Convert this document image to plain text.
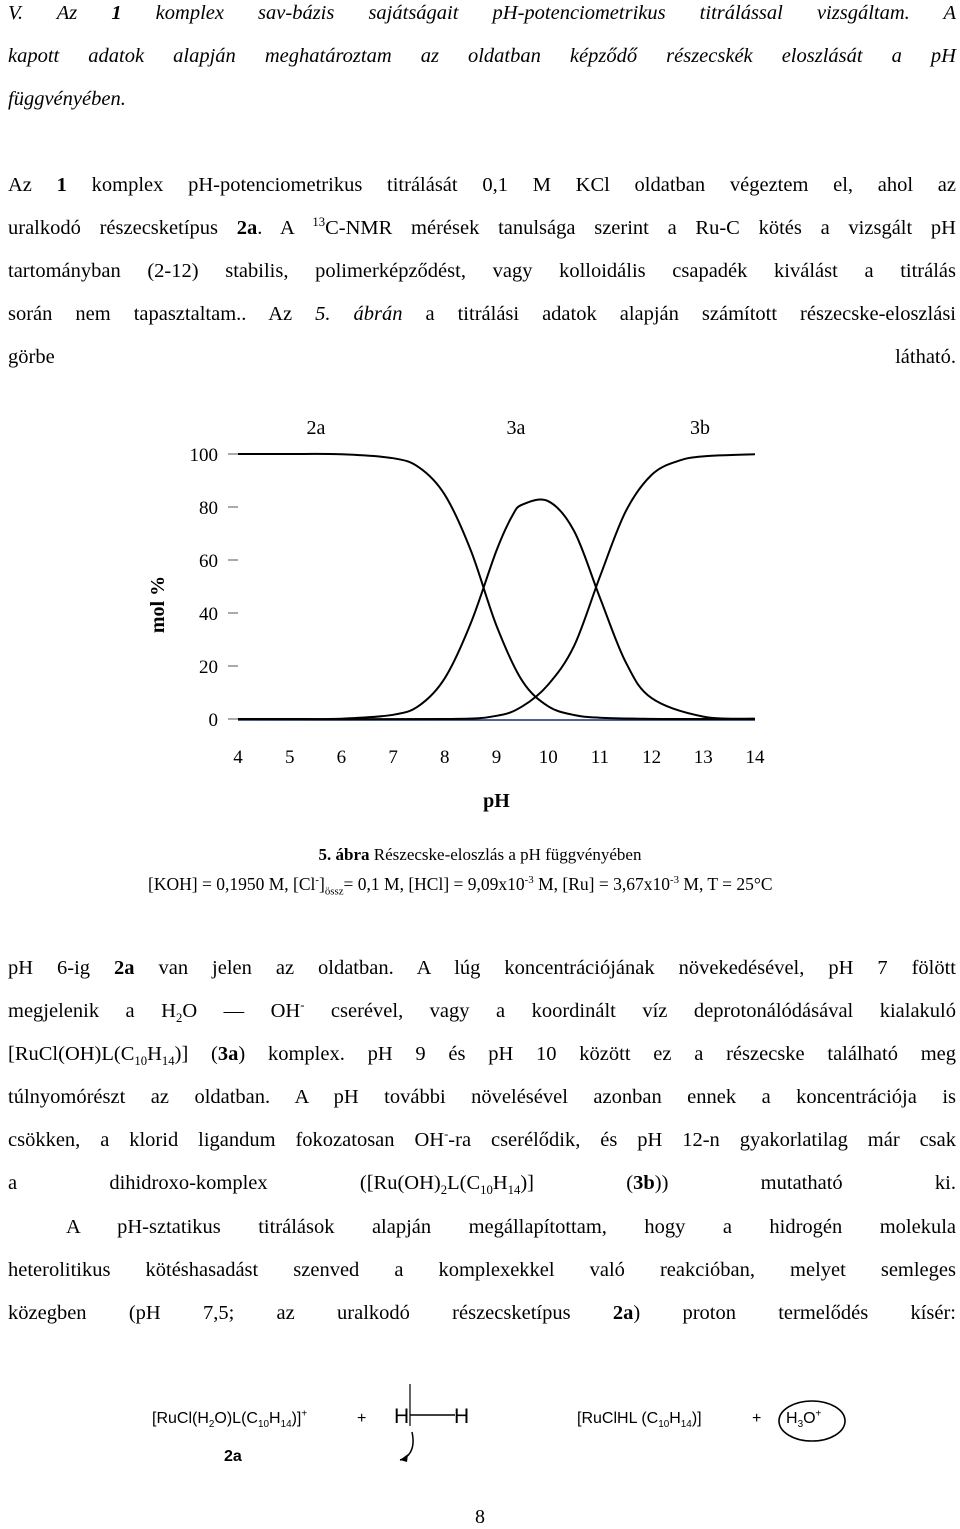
V. Az 1 komplex sav-bázis sajátságait pH-potenciometrikus titrálással vizsgáltam. A
kapott adatok alapján meghatároztam az oldatban képződő részecskék eloszlását a pH
függvényében.
Az 1 komplex pH-potenciometrikus titrálását 0,1 M KCl oldatban végeztem el, ahol az
uralkodó részecsketípus 2a. A $^{13}$C-NMR mérések tanulsága szerint a Ru-C kötés a vizsgált pH
tartományban (2-12) stabilis, polimerképződést, vagy kolloidális csapadék kiválást a titrálás
során nem tapasztaltam.. Az 5. ábrán a titrálási adatok alapján számított részecske-eloszlási
görbe látható.
0
20
40
60
80
100
4 5 6 7 8 9 10 11 12 13 14
pH
mol %
2a	3a	3b
5. ábra Részecske-eloszlás a pH függvényében
[KOH] = 0,1950 M, $[Cl^-]_{össz}= 0,1$ M, $[HCl] = 9,09x10^{-3}$ M, $[Ru] = 3,67x10^{-3}$ M, T = 25°C
pH 6-ig 2a van jelen az oldatban. A lúg koncentrációjának növekedésével, pH 7 fölött
megjelenik a $H_2O$ — OH- cserével, vagy a koordinált víz deprotonálódásával kialakuló
$[RuCl(OH)L(C_{10}H_{14})]$ (3a) komplex. pH 9 és pH 10 között ez a részecske található meg
túlnyomórészt az oldatban. A pH további növelésével azonban ennek a koncentrációja is
csökken, a klorid ligandum fokozatosan OH--ra cserélődik, és pH 12-n gyakorlatilag már csak
a dihidroxo-komplex ($[Ru(OH)_2L(C_{10}H_{14})]$ (3b)) mutatható ki.
A pH-sztatikus titrálások alapján megállapítottam, hogy a hidrogén molekula
heterolitikus kötéshasadást szenved a komplexekkel való reakcióban, melyet semleges
közegben (pH 7,5; az uralkodó részecsketípus 2a) proton termelődés kísér:
$[RuCl(H_2O)L(C_{10}H_{14})]^+$	+ H H	[RuClHL $(C_{10}H_{14})$]	+ $H_3O^+$
2a
8
